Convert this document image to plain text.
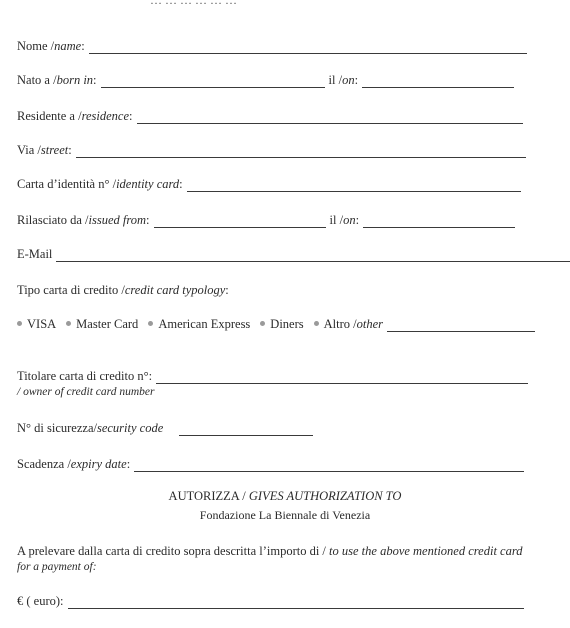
… … … … … …
Nome / name :
Nato a / born in :	il / on :
Residente a / residence :
Via / street :
Carta d’identità n° / identity card :
Rilasciato da / issued from :	il / on :
E-Mail
Tipo carta di credito / credit card typology :
VISA Master Card American Express Diners Altro / other
Titolare carta di credito n°:
/ owner of credit card number
N° di sicurezza/ security code
Scadenza / expiry date :
AUTORIZZA / GIVES AUTHORIZATION TO
Fondazione La Biennale di Venezia
A prelevare dalla carta di credito sopra descritta l’importo di / to use the above mentioned credit card
for a payment of:
€ ( euro):
